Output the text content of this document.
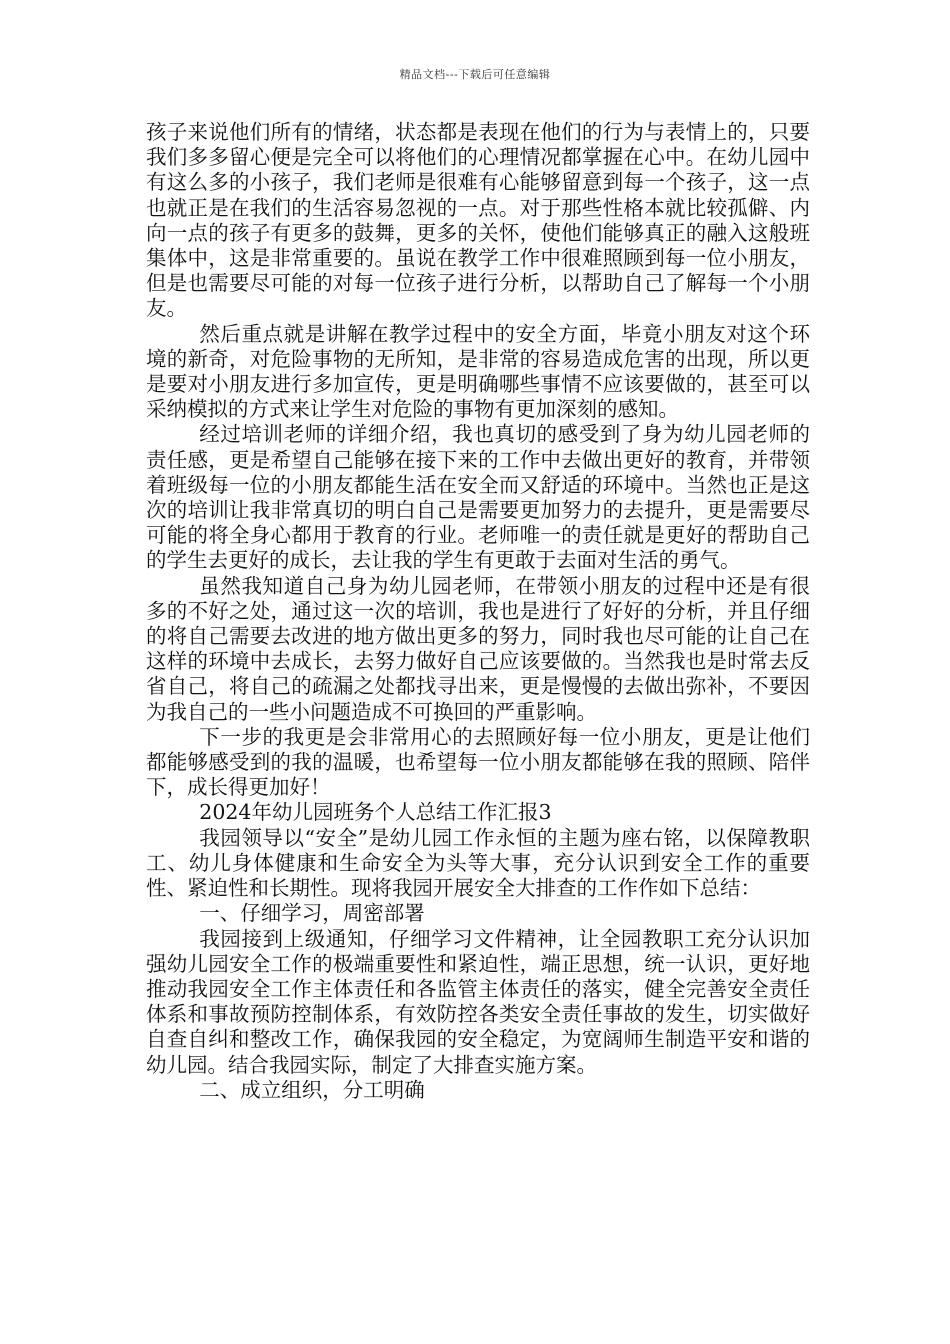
精品文档---下载后可任意编辑

孩子来说他们所有的情绪，状态都是表现在他们的行为与表情上的，只要我们多多留心便是完全可以将他们的心理情况都掌握在心中。在幼儿园中有这么多的小孩子，我们老师是很难有心能够留意到每一个孩子，这一点也就正是在我们的生活容易忽视的一点。对于那些性格本就比较孤僻、内向一点的孩子有更多的鼓舞，更多的关怀，使他们能够真正的融入这般班集体中，这是非常重要的。虽说在教学工作中很难照顾到每一位小朋友，但是也需要尽可能的对每一位孩子进行分析，以帮助自己了解每一个小朋友。

然后重点就是讲解在教学过程中的安全方面，毕竟小朋友对这个环境的新奇，对危险事物的无所知，是非常的容易造成危害的出现，所以更是要对小朋友进行多加宣传，更是明确哪些事情不应该要做的，甚至可以采纳模拟的方式来让学生对危险的事物有更加深刻的感知。

经过培训老师的详细介绍，我也真切的感受到了身为幼儿园老师的责任感，更是希望自己能够在接下来的工作中去做出更好的教育，并带领着班级每一位的小朋友都能生活在安全而又舒适的环境中。当然也正是这次的培训让我非常真切的明白自己是需要更加努力的去提升，更是需要尽可能的将全身心都用于教育的行业。老师唯一的责任就是更好的帮助自己的学生去更好的成长，去让我的学生有更敢于去面对生活的勇气。

虽然我知道自己身为幼儿园老师，在带领小朋友的过程中还是有很多的不好之处，通过这一次的培训，我也是进行了好好的分析，并且仔细的将自己需要去改进的地方做出更多的努力，同时我也尽可能的让自己在这样的环境中去成长，去努力做好自己应该要做的。当然我也是时常去反省自己，将自己的疏漏之处都找寻出来，更是慢慢的去做出弥补，不要因为我自己的一些小问题造成不可换回的严重影响。

下一步的我更是会非常用心的去照顾好每一位小朋友，更是让他们都能够感受到的我的温暖，也希望每一位小朋友都能够在我的照顾、陪伴下，成长得更加好！

2024年幼儿园班务个人总结工作汇报3

我园领导以“安全”是幼儿园工作永恒的主题为座右铭，以保障教职工、幼儿身体健康和生命安全为头等大事，充分认识到安全工作的重要性、紧迫性和长期性。现将我园开展安全大排查的工作作如下总结：

一、仔细学习，周密部署

我园接到上级通知，仔细学习文件精神，让全园教职工充分认识加强幼儿园安全工作的极端重要性和紧迫性，端正思想，统一认识，更好地推动我园安全工作主体责任和各监管主体责任的落实，健全完善安全责任体系和事故预防控制体系，有效防控各类安全责任事故的发生，切实做好自查自纠和整改工作，确保我园的安全稳定，为宽阔师生制造平安和谐的幼儿园。结合我园实际，制定了大排查实施方案。

二、成立组织，分工明确
